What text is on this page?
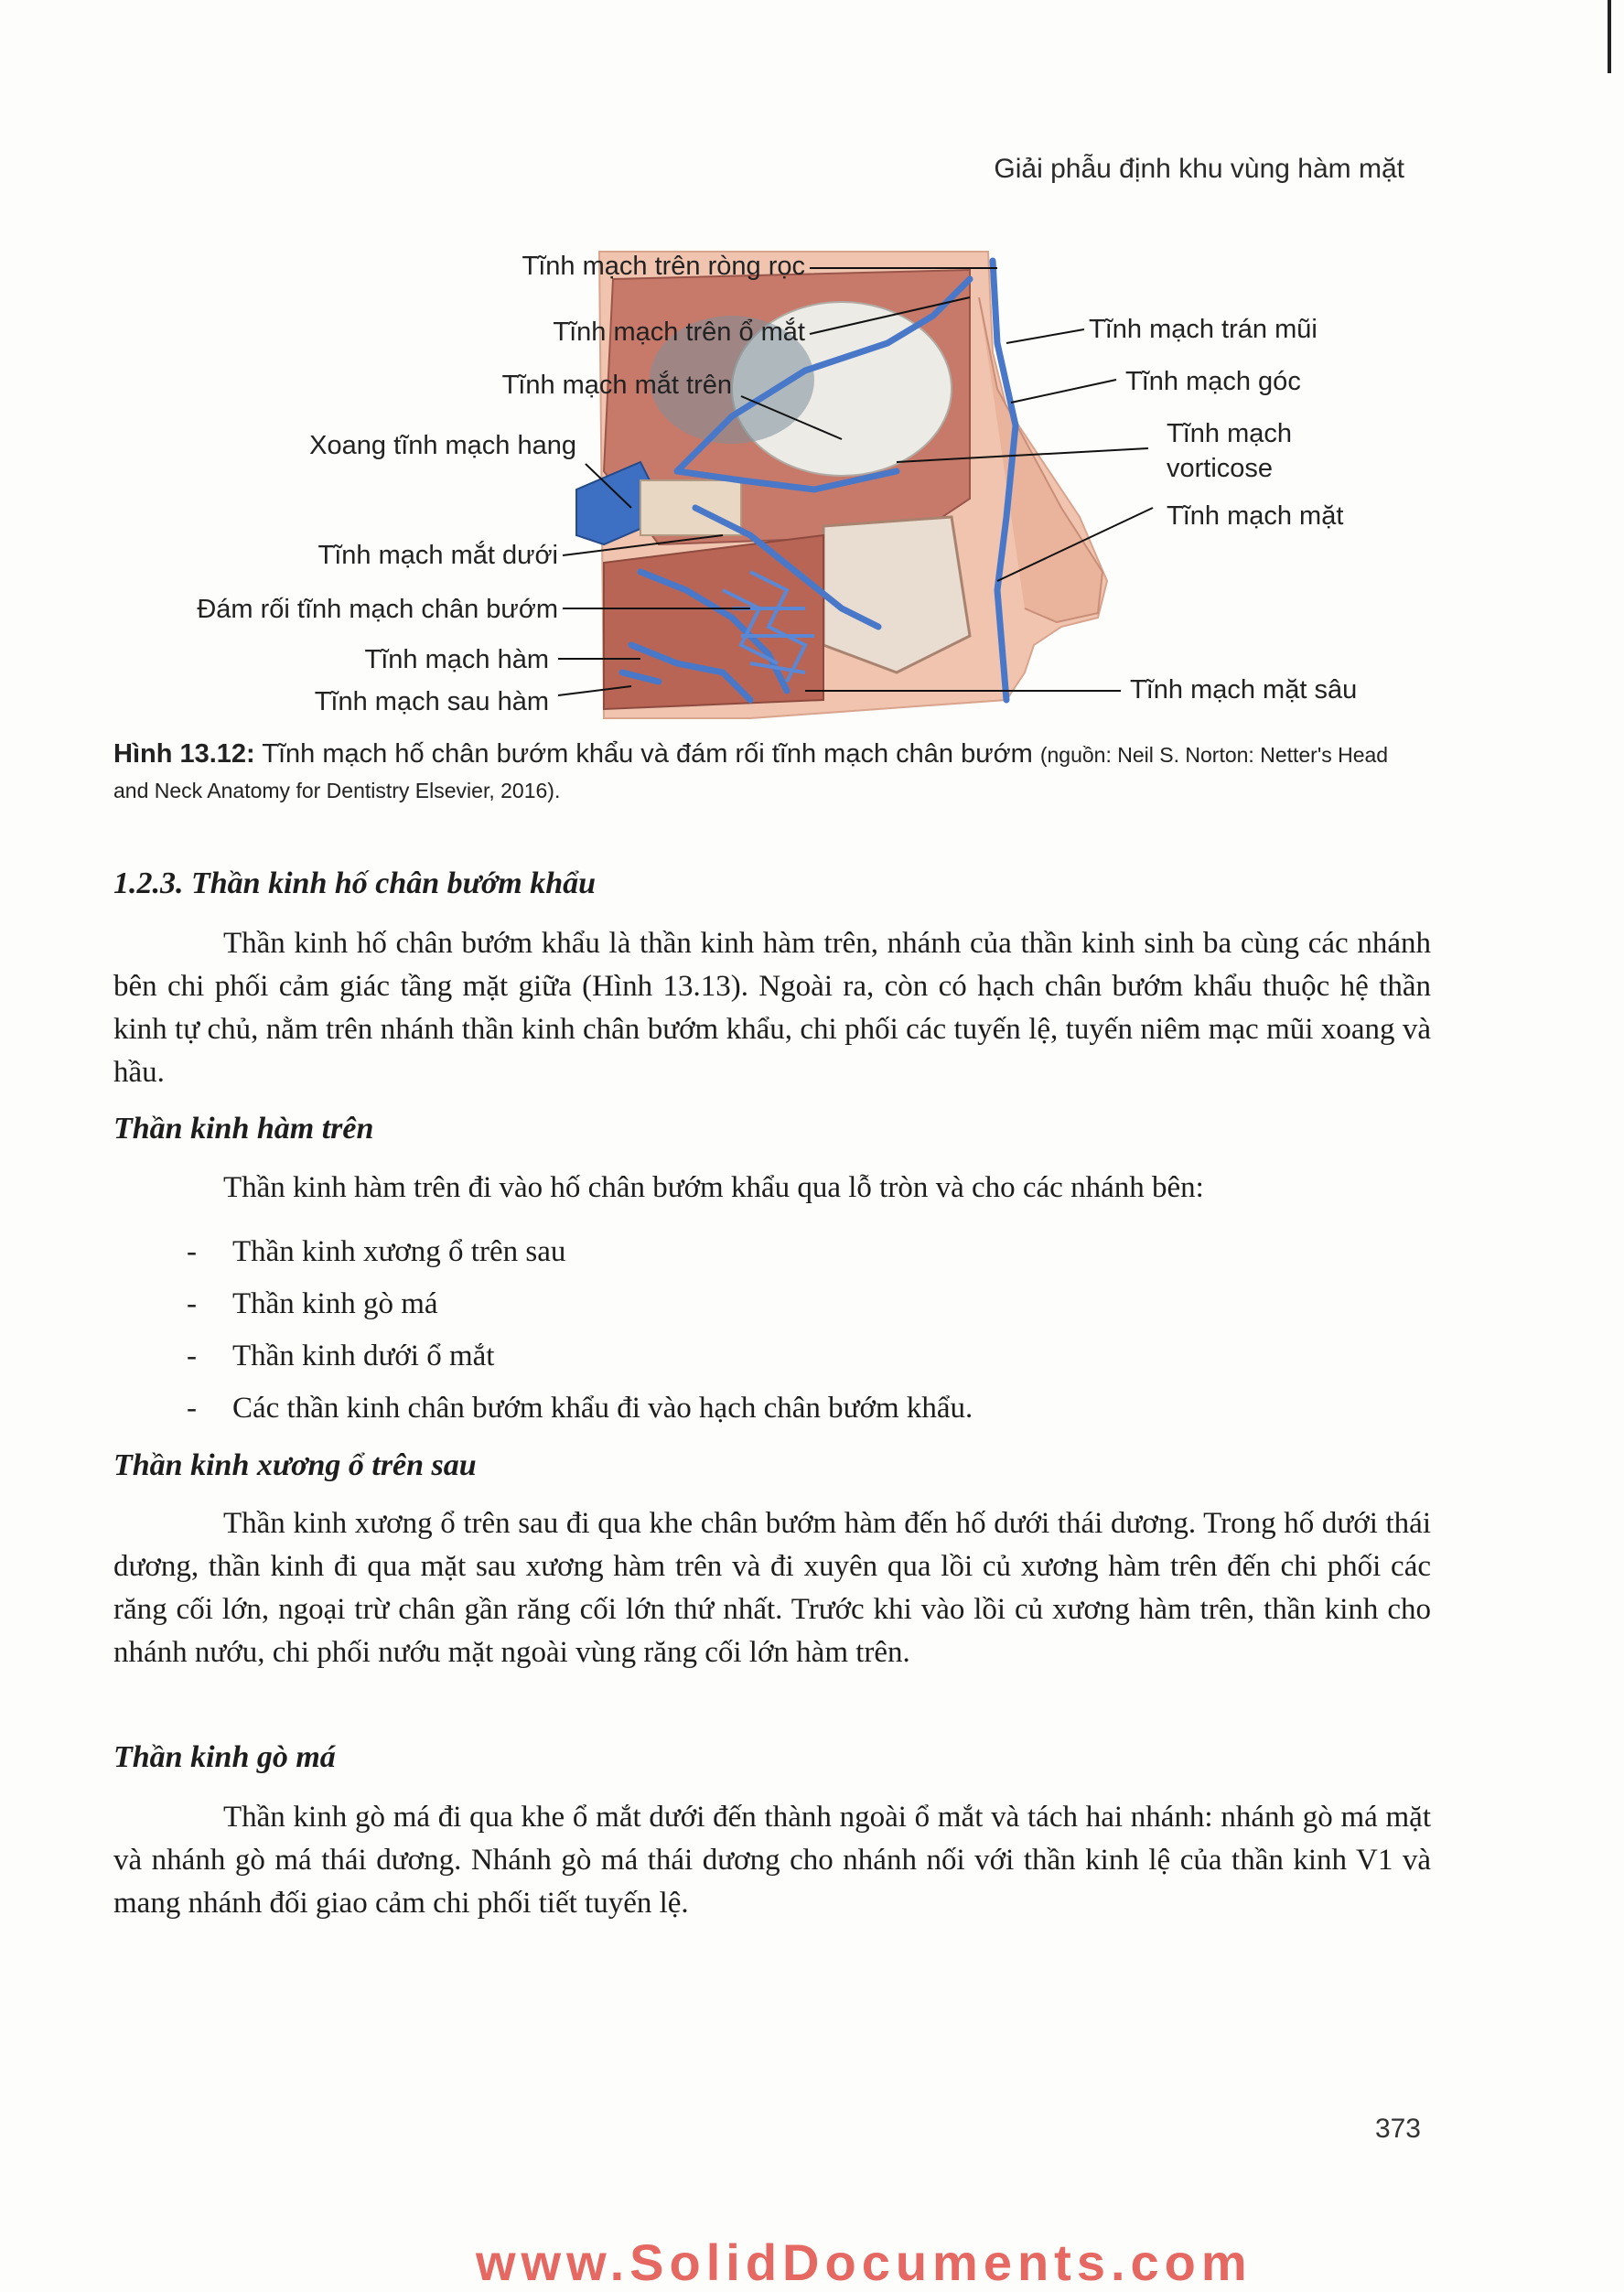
Giải phẫu định khu vùng hàm mặt
Tĩnh mạch trên ròng rọc
Tĩnh mạch trên ổ mắt
Tĩnh mạch mắt trên
Xoang tĩnh mạch hang
Tĩnh mạch mắt dưới
Đám rối tĩnh mạch chân bướm
Tĩnh mạch hàm
Tĩnh mạch sau hàm
Tĩnh mạch trán mũi
Tĩnh mạch góc
Tĩnh mạch
vorticose
Tĩnh mạch mặt
Tĩnh mạch mặt sâu
Hình 13.12: Tĩnh mạch hố chân bướm khẩu và đám rối tĩnh mạch chân bướm (nguồn: Neil S. Norton: Netter's Head and Neck Anatomy for Dentistry Elsevier, 2016).
1.2.3. Thần kinh hố chân bướm khẩu
Thần kinh hố chân bướm khẩu là thần kinh hàm trên, nhánh của thần kinh sinh ba cùng các nhánh bên chi phối cảm giác tầng mặt giữa (Hình 13.13). Ngoài ra, còn có hạch chân bướm khẩu thuộc hệ thần kinh tự chủ, nằm trên nhánh thần kinh chân bướm khẩu, chi phối các tuyến lệ, tuyến niêm mạc mũi xoang và hầu.
Thần kinh hàm trên
Thần kinh hàm trên đi vào hố chân bướm khẩu qua lỗ tròn và cho các nhánh bên:
- Thần kinh xương ổ trên sau
- Thần kinh gò má
- Thần kinh dưới ổ mắt
- Các thần kinh chân bướm khẩu đi vào hạch chân bướm khẩu.
Thần kinh xương ổ trên sau
Thần kinh xương ổ trên sau đi qua khe chân bướm hàm đến hố dưới thái dương. Trong hố dưới thái dương, thần kinh đi qua mặt sau xương hàm trên và đi xuyên qua lồi củ xương hàm trên đến chi phối các răng cối lớn, ngoại trừ chân gần răng cối lớn thứ nhất. Trước khi vào lồi củ xương hàm trên, thần kinh cho nhánh nướu, chi phối nướu mặt ngoài vùng răng cối lớn hàm trên.
Thần kinh gò má
Thần kinh gò má đi qua khe ổ mắt dưới đến thành ngoài ổ mắt và tách hai nhánh: nhánh gò má mặt và nhánh gò má thái dương. Nhánh gò má thái dương cho nhánh nối với thần kinh lệ của thần kinh V1 và mang nhánh đối giao cảm chi phối tiết tuyến lệ.
373
www.SolidDocuments.com
